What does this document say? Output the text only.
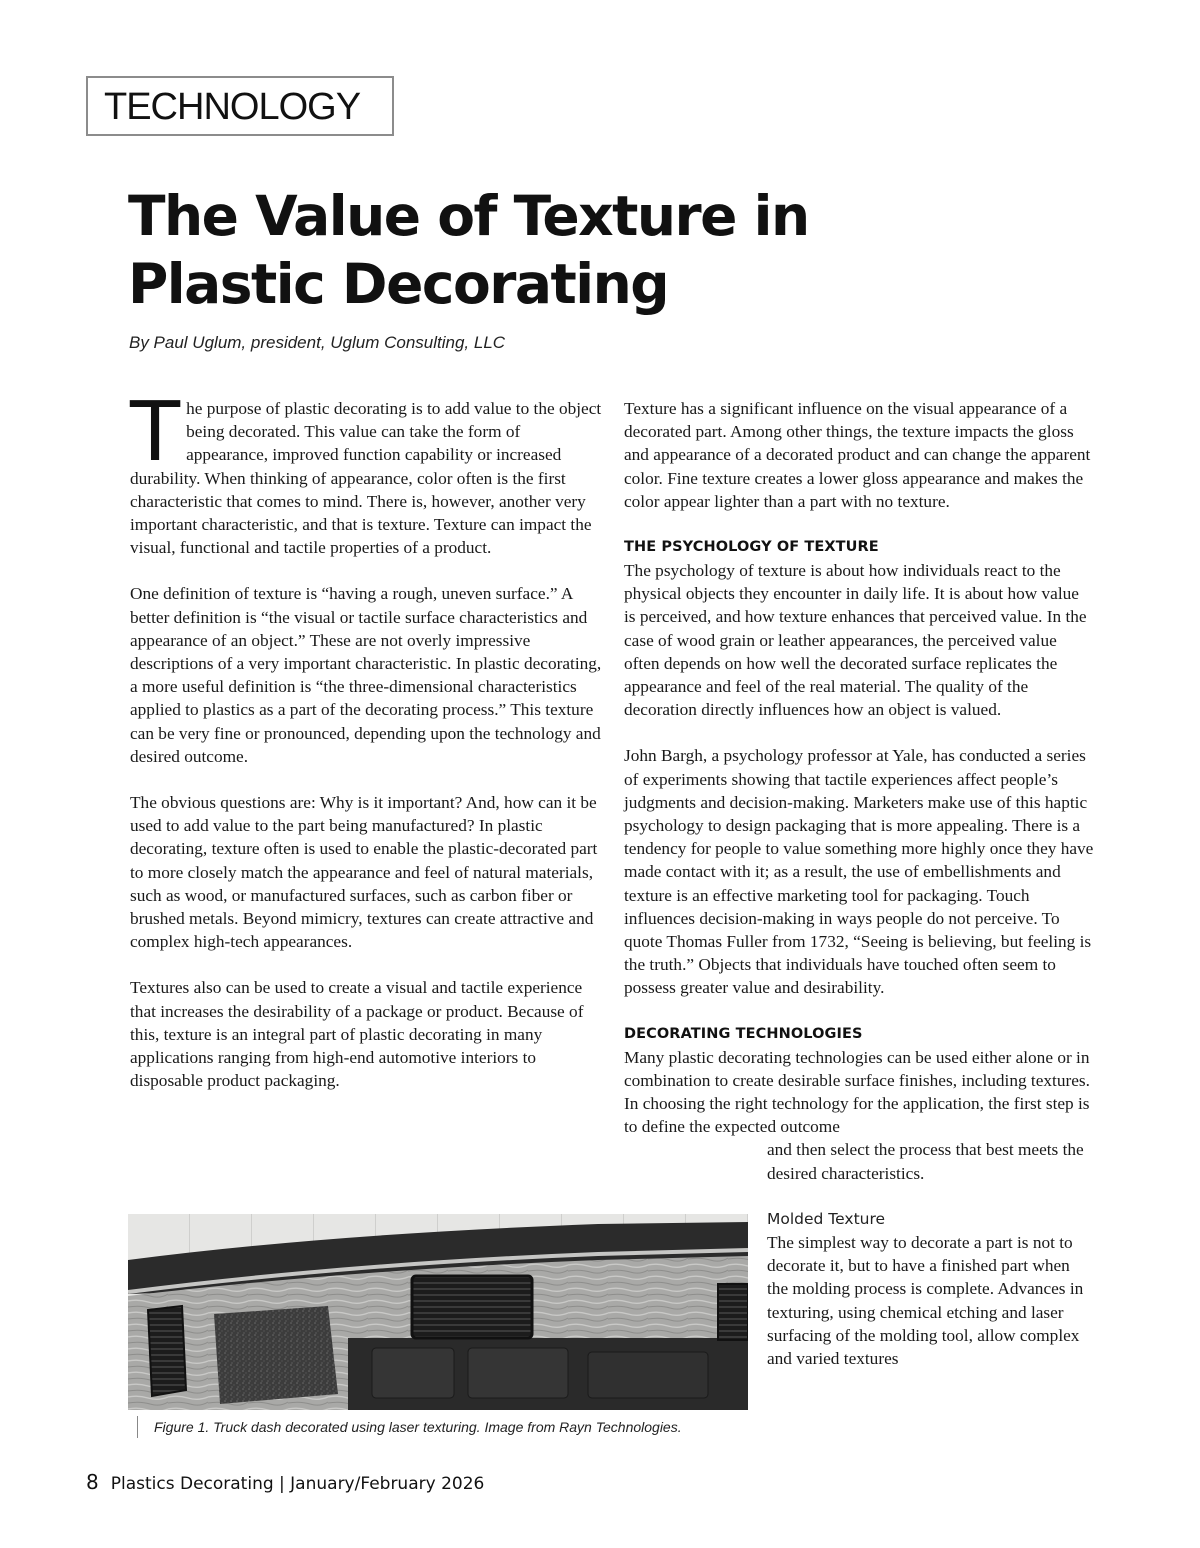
TECHNOLOGY
The Value of Texture in
Plastic Decorating
By Paul Uglum, president, Uglum Consulting, LLC

The purpose of plastic decorating is to add value to the object being decorated. This value can take the form of appearance, improved function capability or increased durability. When thinking of appearance, color often is the first characteristic that comes to mind. There is, however, another very important characteristic, and that is texture. Texture can impact the visual, functional and tactile properties of a product.

One definition of texture is “having a rough, uneven surface.” A better definition is “the visual or tactile surface characteristics and appearance of an object.” These are not overly impressive descriptions of a very important characteristic. In plastic decorating, a more useful definition is “the three-dimensional characteristics applied to plastics as a part of the decorating process.” This texture can be very fine or pronounced, depending upon the technology and desired outcome.

The obvious questions are: Why is it important? And, how can it be used to add value to the part being manufactured? In plastic decorating, texture often is used to enable the plastic-decorated part to more closely match the appearance and feel of natural materials, such as wood, or manufactured surfaces, such as carbon fiber or brushed metals. Beyond mimicry, textures can create attractive and complex high-tech appearances.

Textures also can be used to create a visual and tactile experience that increases the desirability of a package or product. Because of this, texture is an integral part of plastic decorating in many applications ranging from high-end automotive interiors to disposable product packaging.

Texture has a significant influence on the visual appearance of a decorated part. Among other things, the texture impacts the gloss and appearance of a decorated product and can change the apparent color. Fine texture creates a lower gloss appearance and makes the color appear lighter than a part with no texture.

THE PSYCHOLOGY OF TEXTURE

The psychology of texture is about how individuals react to the physical objects they encounter in daily life. It is about how value is perceived, and how texture enhances that perceived value. In the case of wood grain or leather appearances, the perceived value often depends on how well the decorated surface replicates the appearance and feel of the real material. The quality of the decoration directly influences how an object is valued.

John Bargh, a psychology professor at Yale, has conducted a series of experiments showing that tactile experiences affect people’s judgments and decision-making. Marketers make use of this haptic psychology to design packaging that is more appealing. There is a tendency for people to value something more highly once they have made contact with it; as a result, the use of embellishments and texture is an effective marketing tool for packaging. Touch influences decision-making in ways people do not perceive. To quote Thomas Fuller from 1732, “Seeing is believing, but feeling is the truth.” Objects that individuals have touched often seem to possess greater value and desirability.

DECORATING TECHNOLOGIES

Many plastic decorating technologies can be used either alone or in combination to create desirable surface finishes, including textures. In choosing the right technology for the application, the first step is to define the expected outcome

and then select the process that best meets the desired characteristics.

Molded Texture

The simplest way to decorate a part is not to decorate it, but to have a finished part when the molding process is complete. Advances in texturing, using chemical etching and laser surfacing of the molding tool, allow complex and varied textures

Figure 1. Truck dash decorated using laser texturing. Image from Rayn Technologies.
8 Plastics Decorating | January/February 2026
